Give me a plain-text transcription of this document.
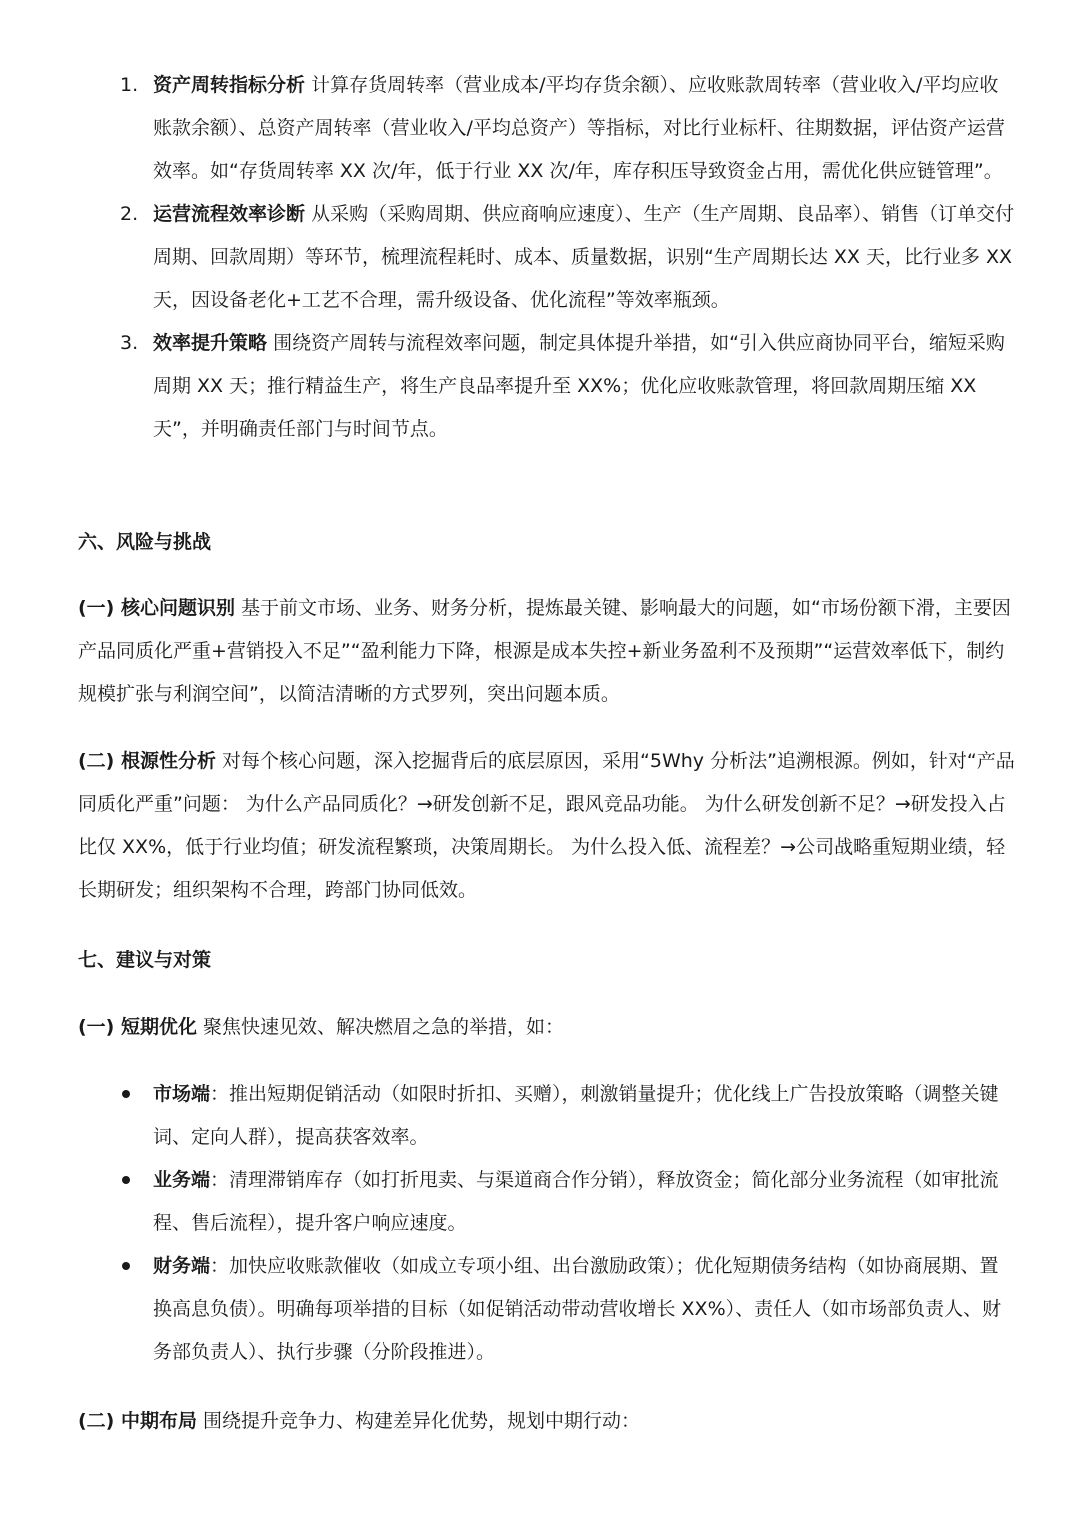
1. 资产周转指标分析 计算存货周转率（营业成本/平均存货余额）、应收账款周转率（营业收入/平均应收账款余额）、总资产周转率（营业收入/平均总资产）等指标，对比行业标杆、往期数据，评估资产运营效率。如“存货周转率 XX 次/年，低于行业 XX 次/年，库存积压导致资金占用，需优化供应链管理”。

2. 运营流程效率诊断 从采购（采购周期、供应商响应速度）、生产（生产周期、良品率）、销售（订单交付周期、回款周期）等环节，梳理流程耗时、成本、质量数据，识别“生产周期长达 XX 天，比行业多 XX 天，因设备老化+工艺不合理，需升级设备、优化流程”等效率瓶颈。

3. 效率提升策略 围绕资产周转与流程效率问题，制定具体提升举措，如“引入供应商协同平台，缩短采购周期 XX 天；推行精益生产，将生产良品率提升至 XX%；优化应收账款管理，将回款周期压缩 XX 天”，并明确责任部门与时间节点。

六、风险与挑战
(一) 核心问题识别 基于前文市场、业务、财务分析，提炼最关键、影响最大的问题，如“市场份额下滑，主要因产品同质化严重+营销投入不足”“盈利能力下降，根源是成本失控+新业务盈利不及预期”“运营效率低下，制约规模扩张与利润空间”，以简洁清晰的方式罗列，突出问题本质。
(二) 根源性分析 对每个核心问题，深入挖掘背后的底层原因，采用“5Why 分析法”追溯根源。例如，针对“产品同质化严重”问题： 为什么产品同质化？→研发创新不足，跟风竞品功能。 为什么研发创新不足？→研发投入占比仅 XX%，低于行业均值；研发流程繁琐，决策周期长。 为什么投入低、流程差？→公司战略重短期业绩，轻长期研发；组织架构不合理，跨部门协同低效。
七、建议与对策
(一) 短期优化 聚焦快速见效、解决燃眉之急的举措，如：
市场端：推出短期促销活动（如限时折扣、买赠），刺激销量提升；优化线上广告投放策略（调整关键词、定向人群），提高获客效率。
业务端：清理滞销库存（如打折甩卖、与渠道商合作分销），释放资金；简化部分业务流程（如审批流程、售后流程），提升客户响应速度。
财务端：加快应收账款催收（如成立专项小组、出台激励政策）；优化短期债务结构（如协商展期、置换高息负债）。明确每项举措的目标（如促销活动带动营收增长 XX%）、责任人（如市场部负责人、财务部负责人）、执行步骤（分阶段推进）。
(二) 中期布局 围绕提升竞争力、构建差异化优势，规划中期行动：
